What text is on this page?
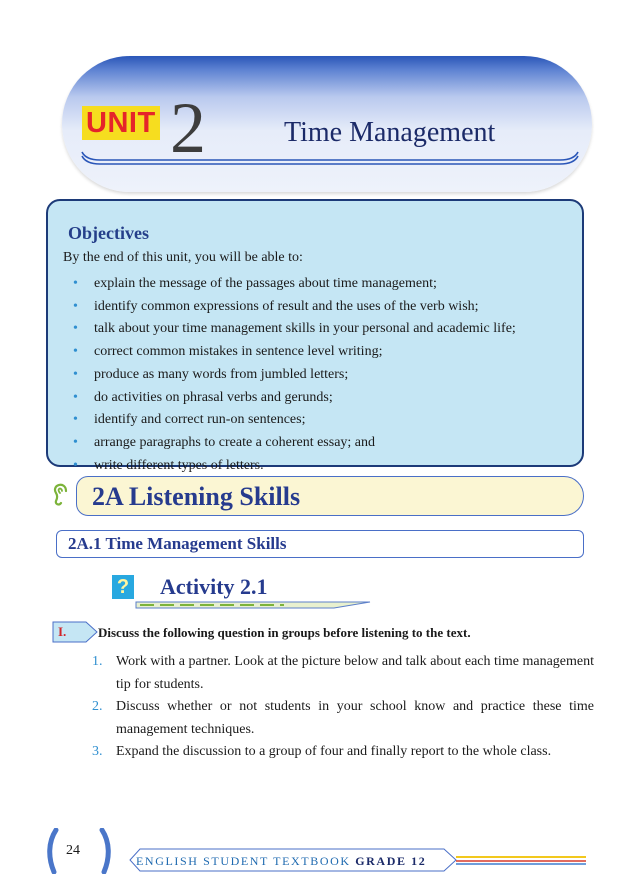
UNIT 2	Time Management
Objectives
By the end of this unit, you will be able to:
• explain the message of the passages about time management;
• identify common expressions of result and the uses of the verb wish;
• talk about your time management skills in your personal and academic life;
• correct common mistakes in sentence level writing;
• produce as many words from jumbled letters;
• do activities on phrasal verbs and gerunds;
• identify and correct run-on sentences;
• arrange paragraphs to create a coherent essay; and
• write different types of letters.
2A Listening Skills
2A.1 Time Management Skills
? Activity 2.1
I. Discuss the following question in groups before listening to the text.
1. Work with a partner. Look at the picture below and talk about each time management tip for students.
2. Discuss whether or not students in your school know and practice these time management techniques.
3. Expand the discussion to a group of four and finally report to the whole class.
24
ENGLISH STUDENT TEXTBOOK GRADE 12
